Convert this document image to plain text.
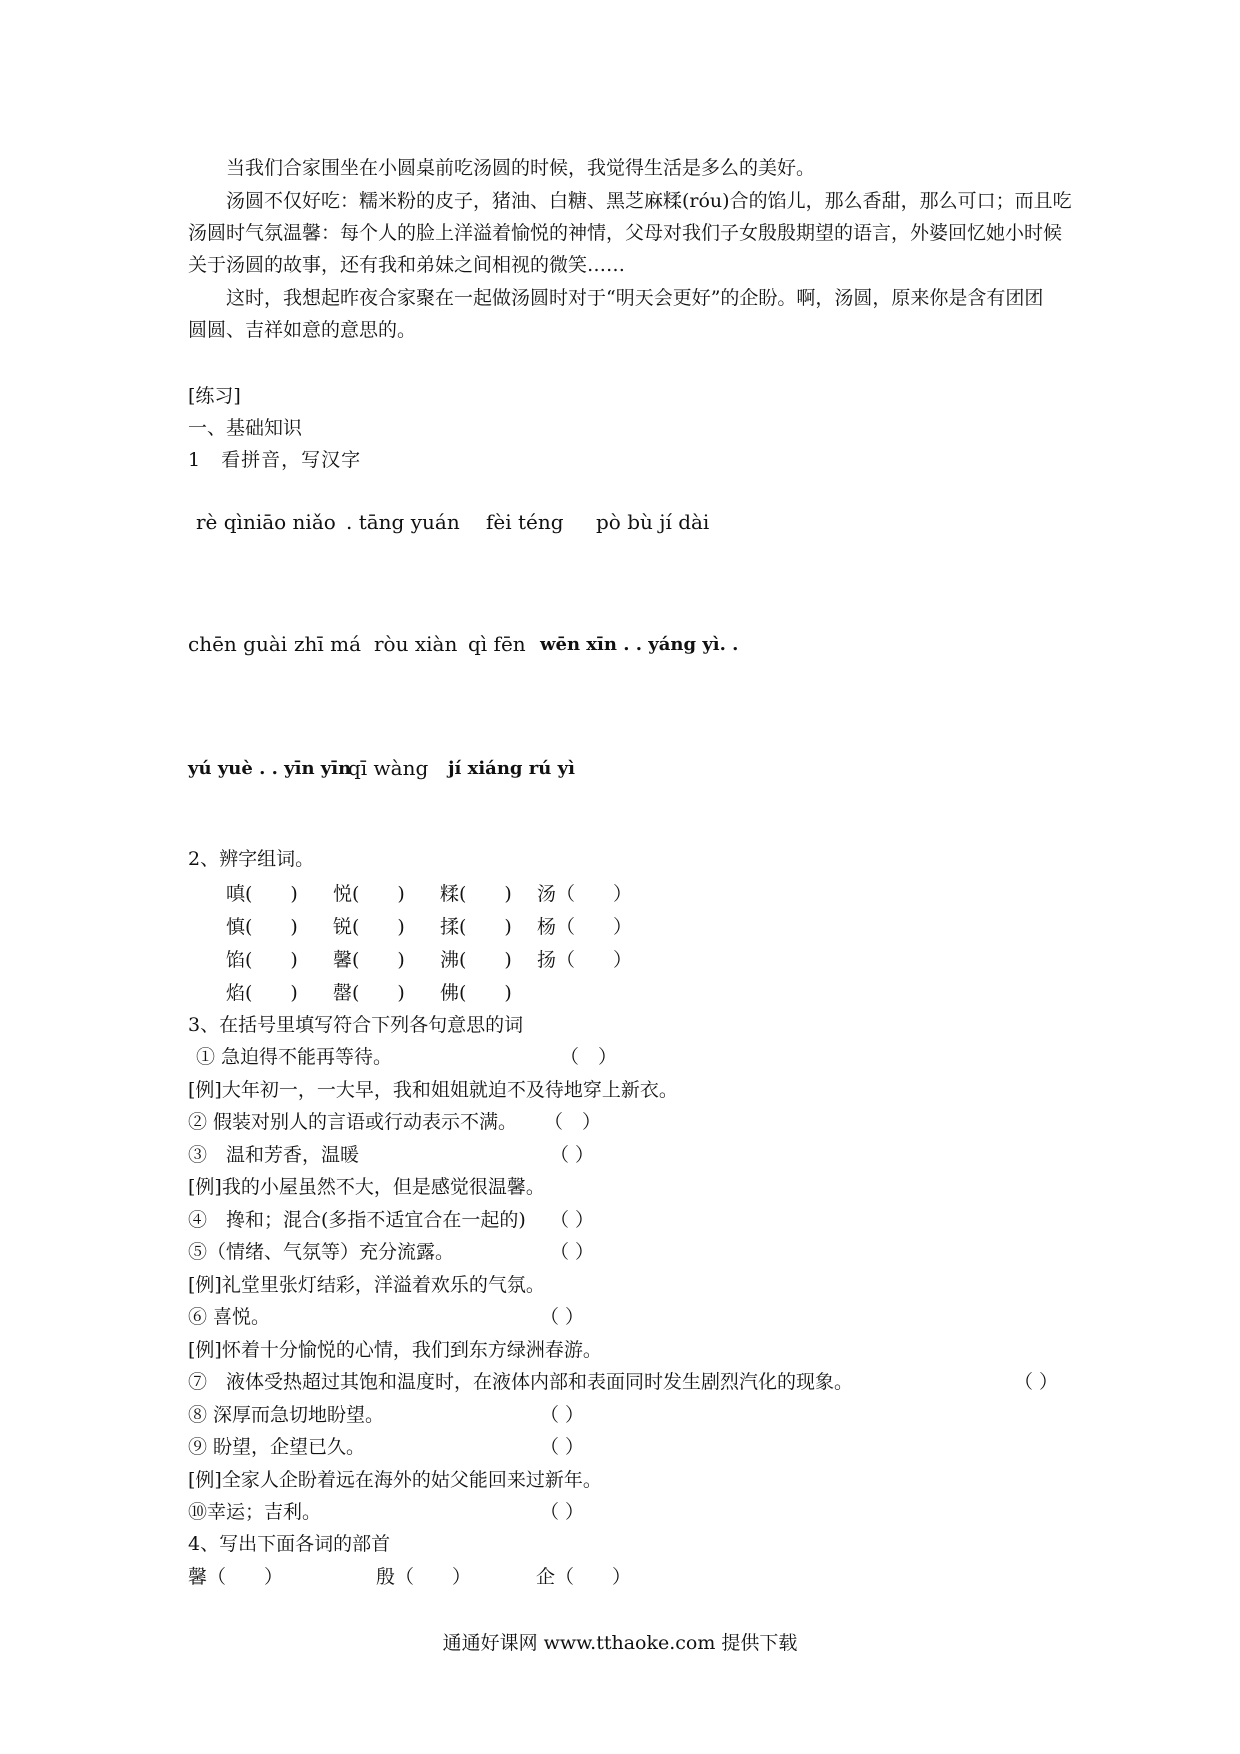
当我们合家围坐在小圆桌前吃汤圆的时候，我觉得生活是多么的美好。
汤圆不仅好吃：糯米粉的皮子，猪油、白糖、黑芝麻糅(róu)合的馅儿，那么香甜，那么可口；而且吃
汤圆时气氛温馨：每个人的脸上洋溢着愉悦的神情，父母对我们子女殷殷期望的语言，外婆回忆她小时候
关于汤圆的故事，还有我和弟妹之间相视的微笑……
这时，我想起昨夜合家聚在一起做汤圆时对于“明天会更好”的企盼。啊，汤圆，原来你是含有团团
圆圆、吉祥如意的意思的。
[练习]
一、基础知识
1　看拼音，写汉字
rè qìniāo niǎo . tāng yuán fèi téng pò bù jí dài
chēn guài zhī má ròu xiàn qì fēn wēn xīn . . yáng yì. .
yú yuè . . yīn yīn
qī wàng jí xiáng rú yì
2、辨字组词。
嗔(　　) 悦(　　) 糅(　　) 汤（　　）
慎(　　) 锐(　　) 揉(　　) 杨（　　）
馅(　　) 馨(　　) 沸(　　) 扬（　　）
焰(　　) 罄(　　) 佛(　　)
3、在括号里填写符合下列各句意思的词
① 急迫得不能再等待。	（　）
[例]大年初一，一大早，我和姐姐就迫不及待地穿上新衣。
② 假装对别人的言语或行动表示不满。 （　）
③　温和芳香，温暖	（ ）
[例]我的小屋虽然不大，但是感觉很温馨。
④　搀和；混合(多指不适宜合在一起的) （ ）
⑤（情绪、气氛等）充分流露。	（ ）
[例]礼堂里张灯结彩，洋溢着欢乐的气氛。
⑥ 喜悦。	（ ）
[例]怀着十分愉悦的心情，我们到东方绿洲春游。
⑦　液体受热超过其饱和温度时，在液体内部和表面同时发生剧烈汽化的现象。	（ ）
⑧ 深厚而急切地盼望。	（ ）
⑨ 盼望，企望已久。	（ ）
[例]全家人企盼着远在海外的姑父能回来过新年。
⑩幸运；吉利。	（ ）
4、写出下面各词的部首
馨（　　）	殷（　　）	企（　　）
通通好课网 www.tthaoke.com 提供下载
